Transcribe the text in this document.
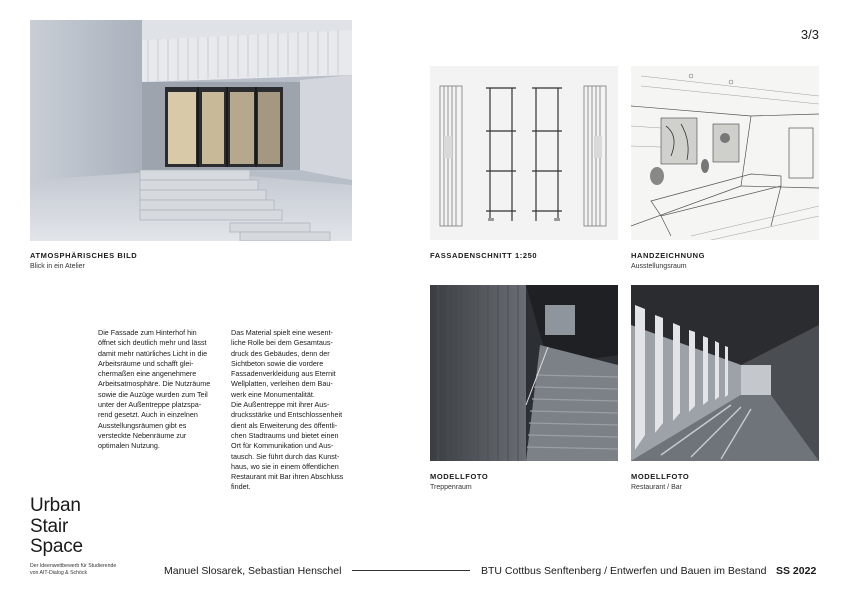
3/3
ATMOSPHÄRISCHES BILD
Blick in ein Atelier
FASSADENSCHNITT 1:250	HANDZEICHNUNG
Ausstellungsraum
MODELLFOTO
Treppenraum
MODELLFOTO
Restaurant / Bar
Die Fassade zum Hinterhof hin
öffnet sich deutlich mehr und lässt
damit mehr natürliches Licht in die
Arbeitsräume und schafft glei-
chermaßen eine angenehmere
Arbeitsatmosphäre. Die Nutzräume
sowie die Auzüge wurden zum Teil
unter der Außentreppe platzspa-
rend gesetzt. Auch in einzelnen
Ausstellungsräumen gibt es
versteckte Nebenräume zur
optimalen Nutzung.
Das Material spielt eine wesent-
liche Rolle bei dem Gesamtaus-
druck des Gebäudes, denn der
Sichtbeton sowie die vordere
Fassadenverkleidung aus Eternit
Wellplatten, verleihen dem Bau-
werk eine Monumentalität.
Die Außentreppe mit ihrer Aus-
drucksstärke und Entschlossenheit
dient als Erweiterung des öffentli-
chen Stadtraums und bietet einen
Ort für Kommunikation und Aus-
tausch. Sie führt durch das Kunst-
haus, wo sie in einem öffentlichen
Restaurant mit Bar ihren Abschluss
findet.
Urban
Stair
Space
Der Ideenwettbewerb für Studierende
von AIT-Dialog & Schöck	Manuel Slosarek, Sebastian Henschel	BTU Cottbus Senftenberg / Entwerfen und Bauen im Bestand SS 2022
